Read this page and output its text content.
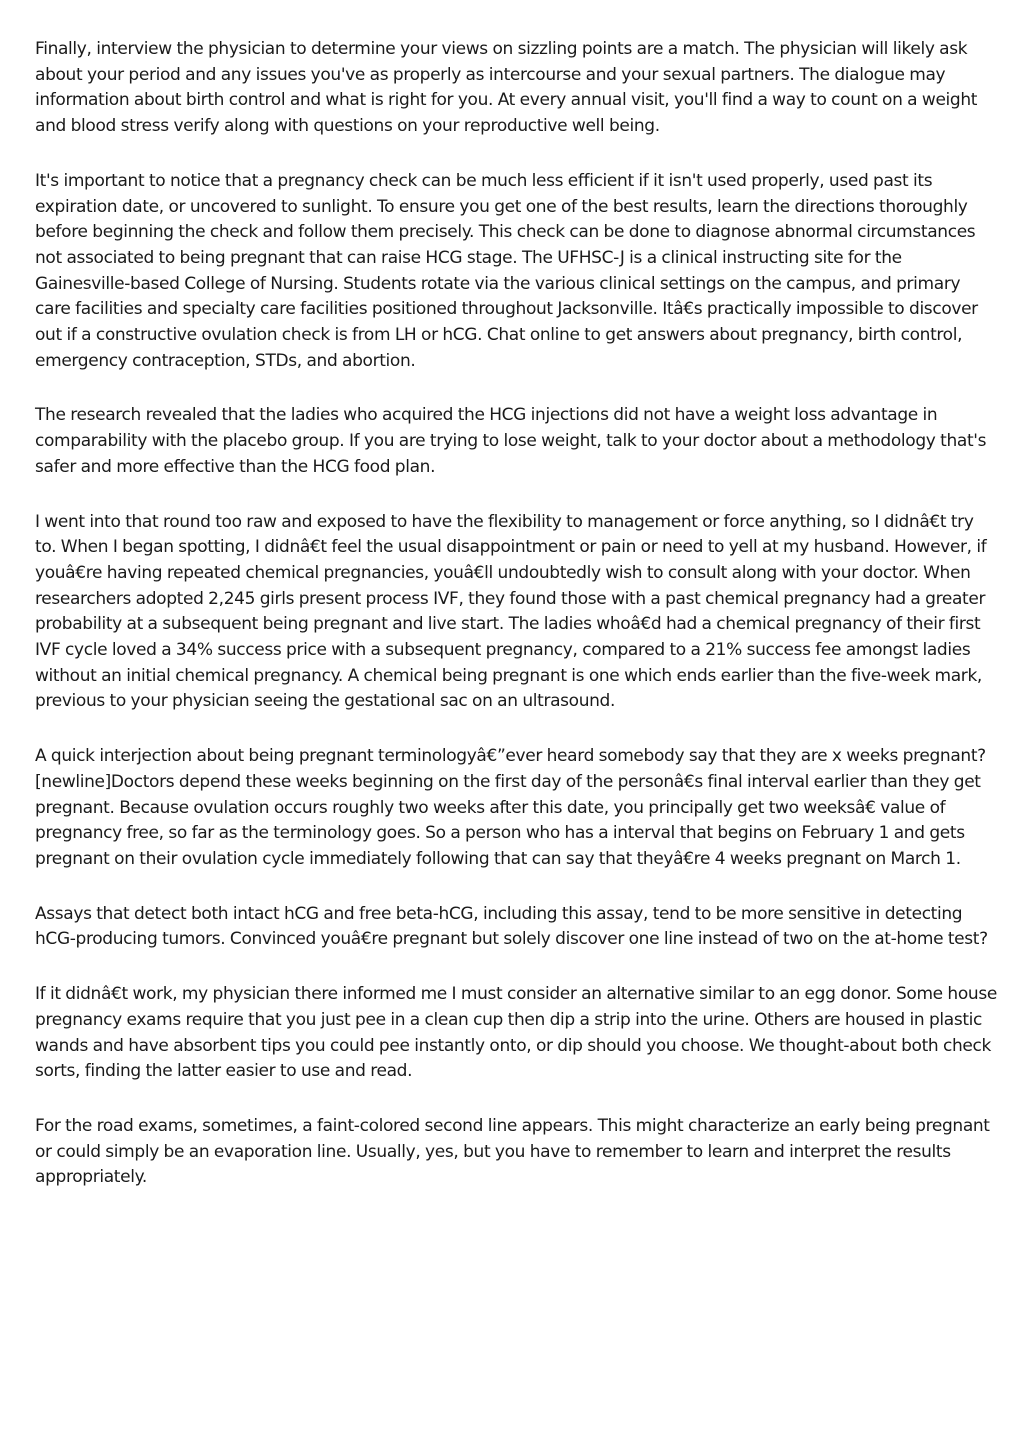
Finally, interview the physician to determine your views on sizzling points are a match. The physician will likely ask about your period and any issues you've as properly as intercourse and your sexual partners. The dialogue may information about birth control and what is right for you. At every annual visit, you'll find a way to count on a weight and blood stress verify along with questions on your reproductive well being.

It's important to notice that a pregnancy check can be much less efficient if it isn't used properly, used past its expiration date, or uncovered to sunlight. To ensure you get one of the best results, learn the directions thoroughly before beginning the check and follow them precisely. This check can be done to diagnose abnormal circumstances not associated to being pregnant that can raise HCG stage. The UFHSC-J is a clinical instructing site for the Gainesville-based College of Nursing. Students rotate via the various clinical settings on the campus, and primary care facilities and specialty care facilities positioned throughout Jacksonville. Itâ€s practically impossible to discover out if a constructive ovulation check is from LH or hCG. Chat online to get answers about pregnancy, birth control, emergency contraception, STDs, and abortion.

The research revealed that the ladies who acquired the HCG injections did not have a weight loss advantage in comparability with the placebo group. If you are trying to lose weight, talk to your doctor about a methodology that's safer and more effective than the HCG food plan.

I went into that round too raw and exposed to have the flexibility to management or force anything, so I didnâ€t try to. When I began spotting, I didnâ€t feel the usual disappointment or pain or need to yell at my husband. However, if youâ€re having repeated chemical pregnancies, youâ€ll undoubtedly wish to consult along with your doctor. When researchers adopted 2,245 girls present process IVF, they found those with a past chemical pregnancy had a greater probability at a subsequent being pregnant and live start. The ladies whoâ€d had a chemical pregnancy of their first IVF cycle loved a 34% success price with a subsequent pregnancy, compared to a 21% success fee amongst ladies without an initial chemical pregnancy. A chemical being pregnant is one which ends earlier than the five-week mark, previous to your physician seeing the gestational sac on an ultrasound.

A quick interjection about being pregnant terminologyâ€”ever heard somebody say that they are x weeks pregnant? [newline]Doctors depend these weeks beginning on the first day of the personâ€s final interval earlier than they get pregnant. Because ovulation occurs roughly two weeks after this date, you principally get two weeksâ€ value of pregnancy free, so far as the terminology goes. So a person who has a interval that begins on February 1 and gets pregnant on their ovulation cycle immediately following that can say that theyâ€re 4 weeks pregnant on March 1.

Assays that detect both intact hCG and free beta-hCG, including this assay, tend to be more sensitive in detecting hCG-producing tumors. Convinced youâ€re pregnant but solely discover one line instead of two on the at-home test?

If it didnâ€t work, my physician there informed me I must consider an alternative similar to an egg donor. Some house pregnancy exams require that you just pee in a clean cup then dip a strip into the urine. Others are housed in plastic wands and have absorbent tips you could pee instantly onto, or dip should you choose. We thought-about both check sorts, finding the latter easier to use and read.

For the road exams, sometimes, a faint-colored second line appears. This might characterize an early being pregnant or could simply be an evaporation line. Usually, yes, but you have to remember to learn and interpret the results appropriately.
